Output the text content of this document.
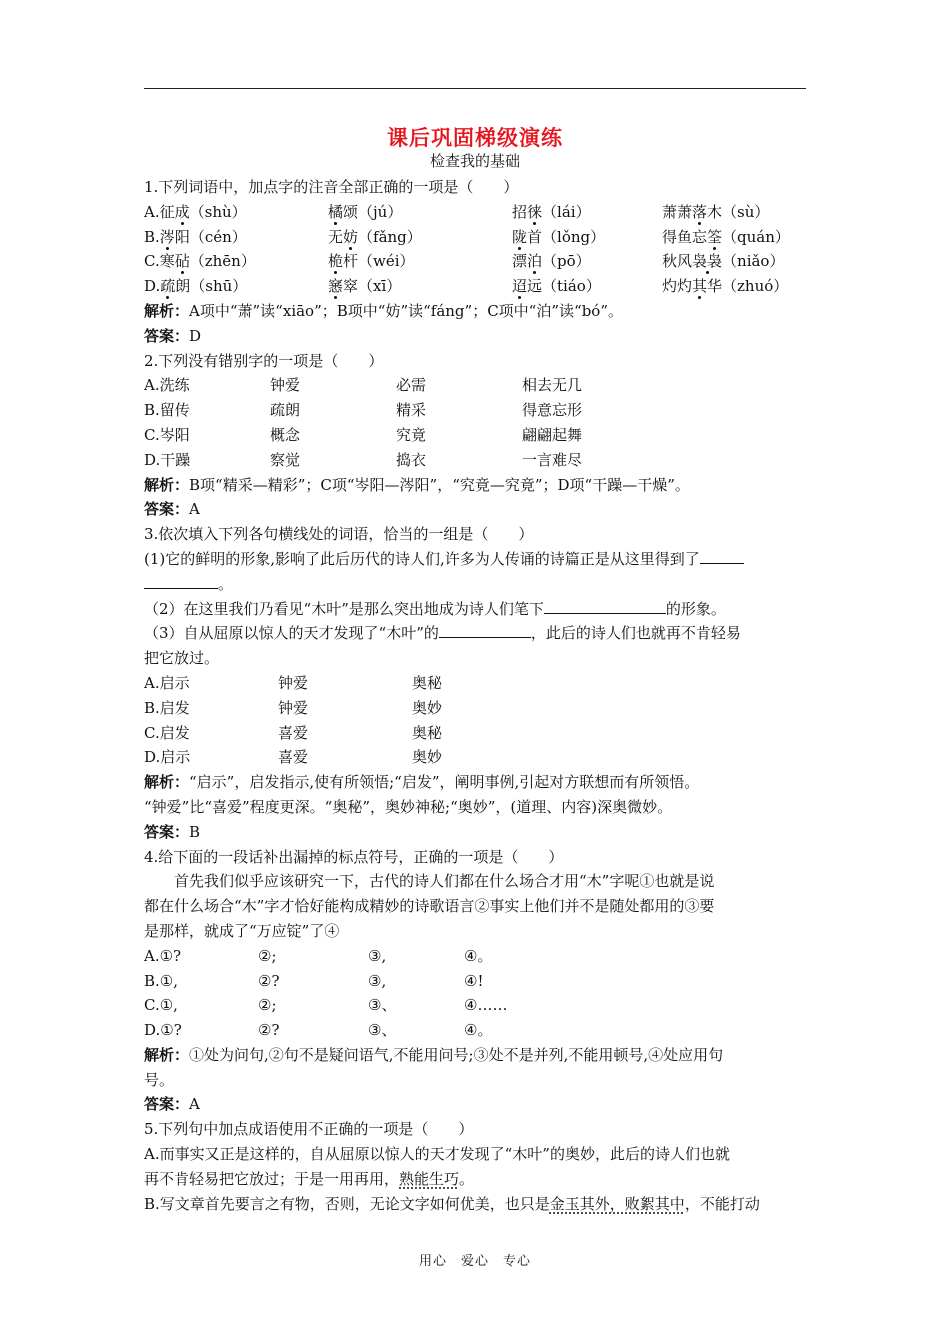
课后巩固梯级演练
检查我的基础
1.下列词语中，加点字的注音全部正确的一项是（　　）
A.征成（shù）	橘颂（jú）	招徕（lái）	萧萧落木（sù）
B.涔阳（cén）	无妨（fǎng）	陇首（lǒng）	得鱼忘筌（quán）
C.寒砧（zhēn）	桅杆（wéi）	漂泊（pō）	秋风袅袅（niǎo）
D.疏朗（shū）	窸窣（xī）	迢远（tiáo）	灼灼其华（zhuó）
解析：A项中“萧”读“xiāo”；B项中“妨”读“fáng”；C项中“泊”读“bó”。
答案：D
2.下列没有错别字的一项是（　　）
A.洗练	钟爱	必需	相去无几
B.留传	疏朗	精采	得意忘形
C.岑阳	概念	究竟	翩翩起舞
D.干躁	察觉	捣衣	一言难尽
解析：B项“精采—精彩”；C项“岑阳—涔阳”，“究竟—究竟”；D项“干躁—干燥”。
答案：A
3.依次填入下列各句横线处的词语，恰当的一组是（　　）
(1)它的鲜明的形象,影响了此后历代的诗人们,许多为人传诵的诗篇正是从这里得到了
。
（2）在这里我们乃看见“木叶”是那么突出地成为诗人们笔下	的形象。
（3）自从屈原以惊人的天才发现了“木叶”的	，此后的诗人们也就再不肯轻易
把它放过。
A.启示	钟爱	奥秘
B.启发	钟爱	奥妙
C.启发	喜爱	奥秘
D.启示	喜爱	奥妙
解析：“启示”，启发指示,使有所领悟;“启发”，阐明事例,引起对方联想而有所领悟。
“钟爱”比“喜爱”程度更深。“奥秘”，奥妙神秘;“奥妙”，(道理、内容)深奥微妙。
答案：B
4.给下面的一段话补出漏掉的标点符号，正确的一项是（　　）
首先我们似乎应该研究一下，古代的诗人们都在什么场合才用“木”字呢①也就是说
都在什么场合“木”字才恰好能构成精妙的诗歌语言②事实上他们并不是随处都用的③要
是那样，就成了“万应锭”了④
A.①?	②;	③,	④。
B.①,	②?	③,	④!
C.①,	②;	③、	④……
D.①?	②?	③、	④。
解析：①处为问句,②句不是疑问语气,不能用问号;③处不是并列,不能用顿号,④处应用句
号。
答案：A
5.下列句中加点成语使用不正确的一项是（　　）
A.而事实又正是这样的，自从屈原以惊人的天才发现了“木叶”的奥妙，此后的诗人们也就
再不肯轻易把它放过；于是一用再用，熟能生巧。
B.写文章首先要言之有物，否则，无论文字如何优美，也只是金玉其外，败絮其中，不能打动
用心　爱心　专心
